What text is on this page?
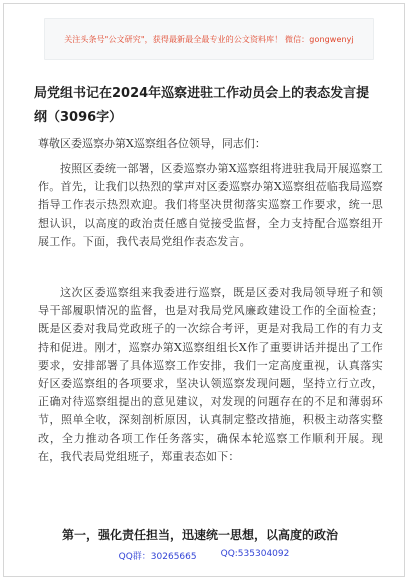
关注头条号"公文研究"，获得最新最全最专业的公文资料库！ 微信：gongwenyj
局党组书记在2024年巡察进驻工作动员会上的表态发言提纲（3096字）
尊敬区委巡察办第X巡察组各位领导，同志们：
按照区委统一部署，区委巡察办第X巡察组将进驻我局开展巡察工作。首先，让我们以热烈的掌声对区委巡察办第X巡察组莅临我局巡察指导工作表示热烈欢迎。我们将坚决贯彻落实巡察工作要求，统一思想认识，以高度的政治责任感自觉接受监督，全力支持配合巡察组开展工作。下面，我代表局党组作表态发言。
这次区委巡察组来我委进行巡察，既是区委对我局领导班子和领导干部履职情况的监督，也是对我局党风廉政建设工作的全面检查；既是区委对我局党政班子的一次综合考评，更是对我局工作的有力支持和促进。刚才，巡察办第X巡察组组长X作了重要讲话并提出了工作要求，安排部署了具体巡察工作安排，我们一定高度重视，认真落实好区委巡察组的各项要求，坚决认领巡察发现问题，坚持立行立改，正确对待巡察组提出的意见建议，对发现的问题存在的不足和薄弱环节，照单全收，深刻剖析原因，认真制定整改措施，积极主动落实整改，全力推动各项工作任务落实，确保本轮巡察工作顺利开展。现在，我代表局党组班子，郑重表态如下：
第一，强化责任担当，迅速统一思想，以高度的政治
QQ群：30265665	QQ:535304092
